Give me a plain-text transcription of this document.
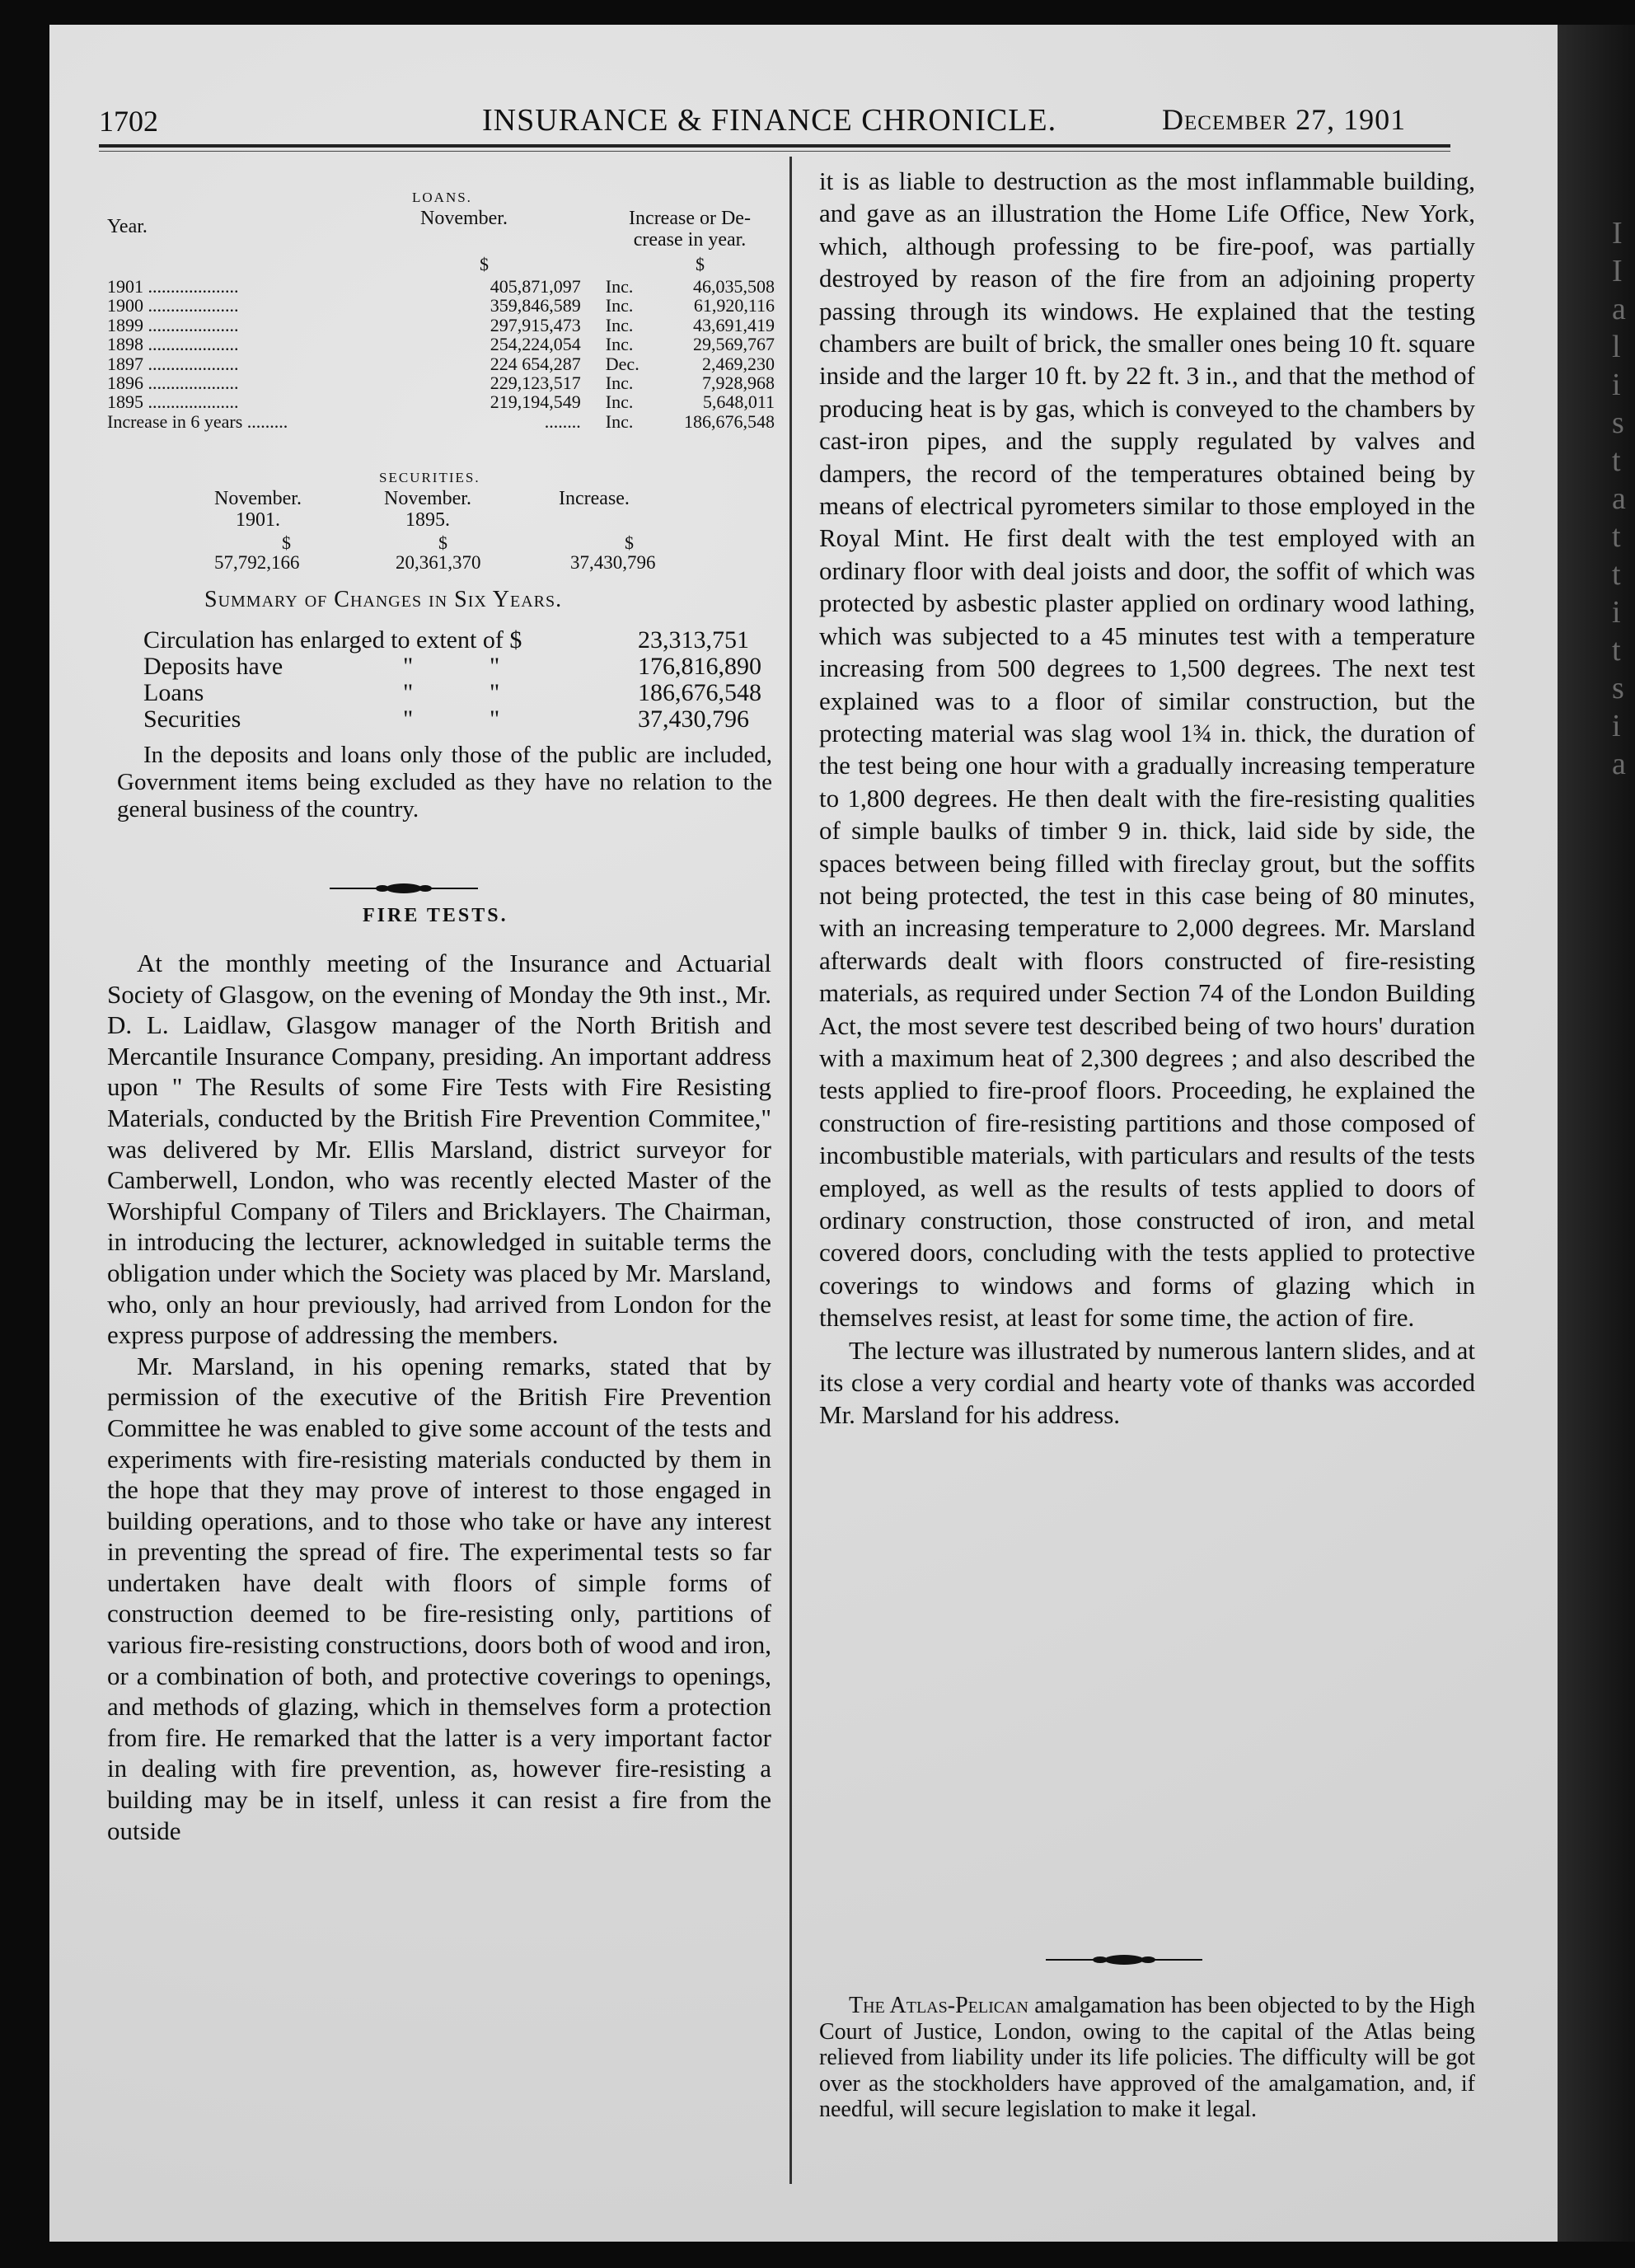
I
I
a
l
i
s
t
a
t
t
i
t
s
i
a
1702	INSURANCE & FINANCE CHRONICLE.	December 27, 1901
LOANS.
Year.	November.	Increase or De-
crease in year.
$	$
1901 ....................	405,871,097	Inc.	46,035,508
1900 ....................	359,846,589	Inc.	61,920,116
1899 ....................	297,915,473	Inc.	43,691,419
1898 ....................	254,224,054	Inc.	29,569,767
1897 ....................	224 654,287	Dec.	2,469,230
1896 ....................	229,123,517	Inc.	7,928,968
1895 ....................	219,194,549	Inc.	5,648,011
Increase in 6 years .........	........	Inc.	186,676,548
SECURITIES.
November.
1901.
November.
1895.
Increase.
$	$	$
57,792,166	20,361,370	37,430,796
Summary of Changes in Six Years.
Circulation has enlarged to extent of $	23,313,751
Deposits have	"	"	176,816,890
Loans	"	"	186,676,548
Securities	"	"	37,430,796

In the deposits and loans only those of the public are included, Government items being excluded as they have no relation to the general business of the country.

FIRE TESTS.

At the monthly meeting of the Insurance and Actuarial Society of Glasgow, on the evening of Monday the 9th inst., Mr. D. L. Laidlaw, Glasgow manager of the North British and Mercantile Insurance Company, presiding. An important address upon " The Results of some Fire Tests with Fire Resisting Materials, conducted by the British Fire Prevention Commitee," was delivered by Mr. Ellis Marsland, district surveyor for Camberwell, London, who was recently elected Master of the Worshipful Company of Tilers and Bricklayers. The Chairman, in introducing the lecturer, acknowledged in suitable terms the obligation under which the Society was placed by Mr. Marsland, who, only an hour previously, had arrived from London for the express purpose of addressing the members.

Mr. Marsland, in his opening remarks, stated that by permission of the executive of the British Fire Prevention Committee he was enabled to give some account of the tests and experiments with fire-resisting materials conducted by them in the hope that they may prove of interest to those engaged in building operations, and to those who take or have any interest in preventing the spread of fire. The experimental tests so far undertaken have dealt with floors of simple forms of construction deemed to be fire-resisting only, partitions of various fire-resisting constructions, doors both of wood and iron, or a combination of both, and protective coverings to openings, and methods of glazing, which in themselves form a protection from fire. He remarked that the latter is a very important factor in dealing with fire prevention, as, however fire-resisting a building may be in itself, unless it can resist a fire from the outside

it is as liable to destruction as the most inflammable building, and gave as an illustration the Home Life Office, New York, which, although professing to be fire-poof, was partially destroyed by reason of the fire from an adjoining property passing through its windows. He explained that the testing chambers are built of brick, the smaller ones being 10 ft. square inside and the larger 10 ft. by 22 ft. 3 in., and that the method of producing heat is by gas, which is conveyed to the chambers by cast-iron pipes, and the supply regulated by valves and dampers, the record of the temperatures obtained being by means of electrical pyrometers similar to those employed in the Royal Mint. He first dealt with the test employed with an ordinary floor with deal joists and door, the soffit of which was protected by asbestic plaster applied on ordinary wood lathing, which was subjected to a 45 minutes test with a temperature increasing from 500 degrees to 1,500 degrees. The next test explained was to a floor of similar construction, but the protecting material was slag wool 1¾ in. thick, the duration of the test being one hour with a gradually increasing temperature to 1,800 degrees. He then dealt with the fire-resisting qualities of simple baulks of timber 9 in. thick, laid side by side, the spaces between being filled with fireclay grout, but the soffits not being protected, the test in this case being of 80 minutes, with an increasing temperature to 2,000 degrees. Mr. Marsland afterwards dealt with floors constructed of fire-resisting materials, as required under Section 74 of the London Building Act, the most severe test described being of two hours' duration with a maximum heat of 2,300 degrees ; and also described the tests applied to fire-proof floors. Proceeding, he explained the construction of fire-resisting partitions and those composed of incombustible materials, with particulars and results of the tests employed, as well as the results of tests applied to doors of ordinary construction, those constructed of iron, and metal covered doors, concluding with the tests applied to protective coverings to windows and forms of glazing which in themselves resist, at least for some time, the action of fire.

The lecture was illustrated by numerous lantern slides, and at its close a very cordial and hearty vote of thanks was accorded Mr. Marsland for his address.

The Atlas-Pelican amalgamation has been objected to by the High Court of Justice, London, owing to the capital of the Atlas being relieved from liability under its life policies. The difficulty will be got over as the stockholders have approved of the amalgamation, and, if needful, will secure legislation to make it legal.
